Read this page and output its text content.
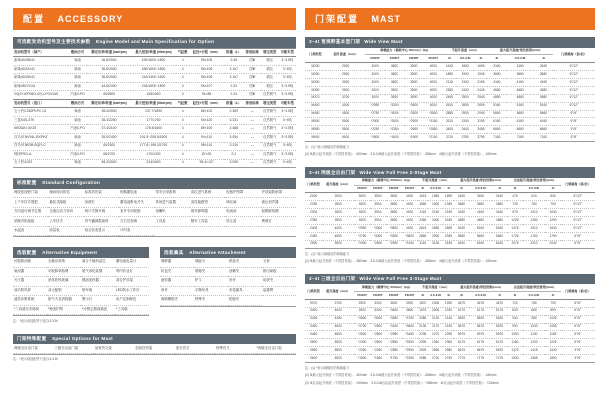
配置 ACCESSORY
可选配发动机型号及主要技术参数 Engine Model and Main Specification for Option
发动机型号（国产）	燃油方式	额定功率/转速 (kw/rpm)	最大扭矩/转速 (Nm/rpm)	气缸数	缸径×行程（mm）	排量（L）	排放标准	增压类型	可配车型
新柴4D28K41	柴油	36.8/2500	190/1600~1800	4	95×105	2.45	国Ⅲ	增压	3~3.5吨
新柴4D32V41	柴油	36.8/2500	186/1600~1800	4	98×105	3.167	国Ⅲ	增压	3~4吨
新柴4D30K41	柴油	36.8/2500	215/1400~1600	4	98×105	3.167	国Ⅲ	增压	3~4吨
新柴4B2YG41	柴油	44.8/2400	215/1600~1800	4	94×107	2.20	国Ⅲ	增压	3~3.5吨
GQ4Y10P05G-4Y)-LPG/GAS	汽油/LPG	40/2800	108/1600	4	91×86	2.24	国Ⅲ	自然吸气	3~3.5吨
发动机型号（进口）	燃油方式	额定功率/转速 (kw/rpm)	最大扭矩/转速 (Nm/rpm)	气缸数	缸径×行程（mm）	排量（L）	排放标准	增压类型	可配车型
五十铃C240PKPC-01	柴油	35.4/2500	137.7/1800	4	86×102	2.369	—	自然吸气	3~3.5吨
三菱S4S-4TK	柴油	35.3/2250	177/1760	4	94×120	3.331	—	自然吸气	3~4吨
NISSAN GK25	汽油/LPG	37.4/2100	178.5/1600	4	89×100	2.488	—	自然吸气	3~3.5吨
洋马4TNV94L-BXPHZ	柴油	35.5/2400	191.5~208.5/1500	4	94×110	3.054	—	自然吸气	3~3.5吨
洋马4TNE98-BQFLC	柴油	40/2300	177.6~198.3/1750	4	98×110	3.319	—	自然吸气	3~4吨
韩国PSG-A	汽油/LPG	46/2700	170/2400	4	87×92	2.2	—	自然吸气	3~3.5吨
五十铃4JG2	柴油	48.2/2600	214/1600	4	95.4×107	3.059	—	自然吸气	3~4吨
标准配置 Standard Configuration
两段宽视野门架	倾斜转向管柱	标准挡货架	铅酸蓄电池	带安全带座椅	高位进气系统	电瓶护围罩	护顶架防雨罩
上下车扶手握把	悬挂式踏板	前照灯	蓄电池断电开关	常闭进气装置	高性能配钳	调压阀	液压消声器
方向盘可调节位置	全液压动力转向	两片式倒车镜	室外专用轮胎	电喇叭	倒车蜂鸣器	电雨刮	轮辋嵌线圈
宽敞司机踏板	上车扶手	带气囊减震座椅	左右后视镜	工具盒	随车工具袋	防尘盖	牌照灯
水温表	油量表	组合仪表显示	计时表
选装配置 Alternative Equipment
可脱卸油箱	全悬浮座椅	离合干燥机滤芯	蓄电池电量计
雨刮器	可脱卸草胎网	尾气净化装置	库内作业灯
灭火器	宽体挡风玻璃	燃油加热器	高位护顶架
前后防风屏	双元配制	倒车镜	LED防水工作灯
遥控诊断系统	排气火花消除器	警示灯	用户定制颜色
*三向液压多路阀	*锂盖护网	*可锁定燃油箱盖	*工具箱
注：*表示该选配件只适合3-3.5t
选装属具 Alternative Attachment
侧移器	调距叉	纸卷夹	叉套
软包夹	烟箱夹	油桶夹	推出垛板
旋转器	铲斗	吊杆	砖块夹
串杆	平衡吊具	布卷属具	起重臂
海绵横抱夹	特殊夹	轮胎夹
门架特殊配置 Special Options for Mast
两级全自由门架	三级全自由门架	加宽货叉架	加高挡货架	加长货叉	特殊货叉	*四级全自由门架
注：*表示该选配件只适合3-3.5t
门架配置 MAST
3~4t 宽视野基本型门架 Wide View Mast
门架类型	起升高度（mm）	承载能力（载荷中心 500mm）(kg)				不起升高度（mm）			最大起升高度(带挡货架)(mm)			门架倾角（前/后）
		FD30T	FD35T	FD38T	FD40T	3t	3.5-3.8t	4t	3t	3.5-3.8t	4t	
M200	2000	3000	3500	3800	4000	1615	1650	1695	3160	3160	3160	6°/12°
M250	2500	3000	3500	3800	4000	1865	1900	1945	3680	3680	3680	6°/12°
M300	3000	3000	3500	3800	4000	2115	2150	2195	4160	4160	4160	6°/12°
M350	3500	3000	3500	3800	4000	2365	2400	2445	4680	4680	4680	6°/12°
M370	3700	3000	3500	3800	4000	2465	2500	2545	4880	4880	4880	6°/12°
M400	4000	*2950	*3300	*3500	4000	2615	2650	2695	5160	5160	5160	6°/12°
M450	4500	*2750	*3000	*3300	*3800	2865	2900	2945	5660	5660	5660	6°/6°
M500	5000	*2400	*2600	*2900	*3150	3115	3150	3195	6160	6160	6160	6°/6°
M550	5500	*2250	*2350	*2650	*2850	3405	3440	3485	6660	6660	6660	3°/6°
M600	6000	*1500	*1600	*1900	*2100	3715	3750	3795	7160	7160	7160	3°/6°
注：(1) *表示减载后的承载能力
(2) 3t最大起升高度（不带挡货架）：-600mm　3.5-3.8t最大起升高度（不带挡货架）：-380mm　4t最大起升高度（不带挡货架）：-340mm
3~4t 两级全自由门架 Wide View Full Free 2-Stage Mast
门架类型	起升高度（mm）	承载能力（载荷中心 500mm）(kg)				不起升高度（mm）			最大起升高度(带挡货架)(mm)			自由起升高度(带挡货架)(mm)			门架倾角（前/后）
		FD30T	FD35T	FD38T	FD40T	3t	3.5-3.8t	4t	3t	3.5-3.8t	4t	3t	3.5-3.8t	4t	
Z200	2000	3000	3500	3800	4000	1615	1650	1695	3160	3160	3160	475	510	540	6°/12°
Z250	2500	3000	3500	3800	4000	1865	1900	1945	3680	3680	3680	725	760	790	6°/12°
Z300	3000	3000	3500	3800	4000	2115	2150	2195	4160	4160	4160	975	1010	1040	6°/12°
Z350	3500	3000	3500	3800	4000	2365	2400	2445	4680	4680	4680	1225	1260	1290	6°/12°
Z400	4000	*2950	*3300	*3500	4000	2615	2650	2695	5160	5160	5160	1475	1510	1540	6°/12°
Z450	4500	*2750	*3000	*3300	*3800	2865	2900	2945	5660	5660	5660	1725	1760	1790	6°/6°
Z500	5000	*2400	*2600	*2900	*3150	3115	3150	3195	6160	6160	6160	1975	2010	2040	6°/6°
注：(1) *表示减载后的承载能力
(2) 3t最大起升高度（不带挡货架）：-380mm　3.5-3.8t最大起升高度（不带挡货架）：-380mm　4t最大起升高度（不带挡货架）：-340mm
3~4t 三级全自由门架 Wide View Full Free 3-Stage Mast
门架类型	起升高度（mm）	承载能力（载荷中心 500mm）(kg)				不起升高度（mm）			最大起升高度(带挡货架)(mm)			自由起升高度(带挡货架)(mm)			门架倾角（前/后）
		FD30T	FD35T	FD38T	FD40T	3t	3.5-3.8t	4t	3t	3.5-3.8t	4t	3t	3.5-3.8t	4t	
S370	3700	2900	3300	3600	3900	1870	1905	1930	4675	4675	4675	720	765	790	6°/6°
S400	4000	2900	3300	*3450	3800	1975	2005	2030	5175	5175	5175	825	865	890	6°/6°
S435	4350	*2800	*3000	*3280	*3750	2085	2120	2145	5525	5525	5525	940	980	1005	6°/6°
S450	4500	*2700	*2900	*3150	*3650	2135	2170	2195	5675	5675	5675	990	1030	1055	6°/6°
S480	4800	*2600	*2800	*2980	*3480	2235	2270	2295	5975	5975	5975	1090	1130	1155	6°/6°
S500	5000	*2400	*2600	*2850	*3300	2305	2340	2365	6175	6175	6175	1160	1200	1225	6°/6°
S550	5500	*2250	*2350	*2580	*2950	2525	2555	2580	6675	6675	6675	1375	1415	1440	3°/6°
S600	6000	*1500	*1550	*1750	*2260	2685	2720	2745	7175	7175	7175	1530	1565	1590	3°/6°
注：(1) *表示减载后的承载能力
(2) 3t最大起升高度（不带挡货架）：-400mm　3.5-3.8t最大起升高度（不带挡货架）：-365mm　4t最大起升高度（不带挡货架）：-340mm
(3) 3t自由起升高度（不带挡货架）：+400mm　3.5-3.8t自由起升高度（不带挡货架）：+365mm　4t自由起升高度（不带挡货架）：+340mm
